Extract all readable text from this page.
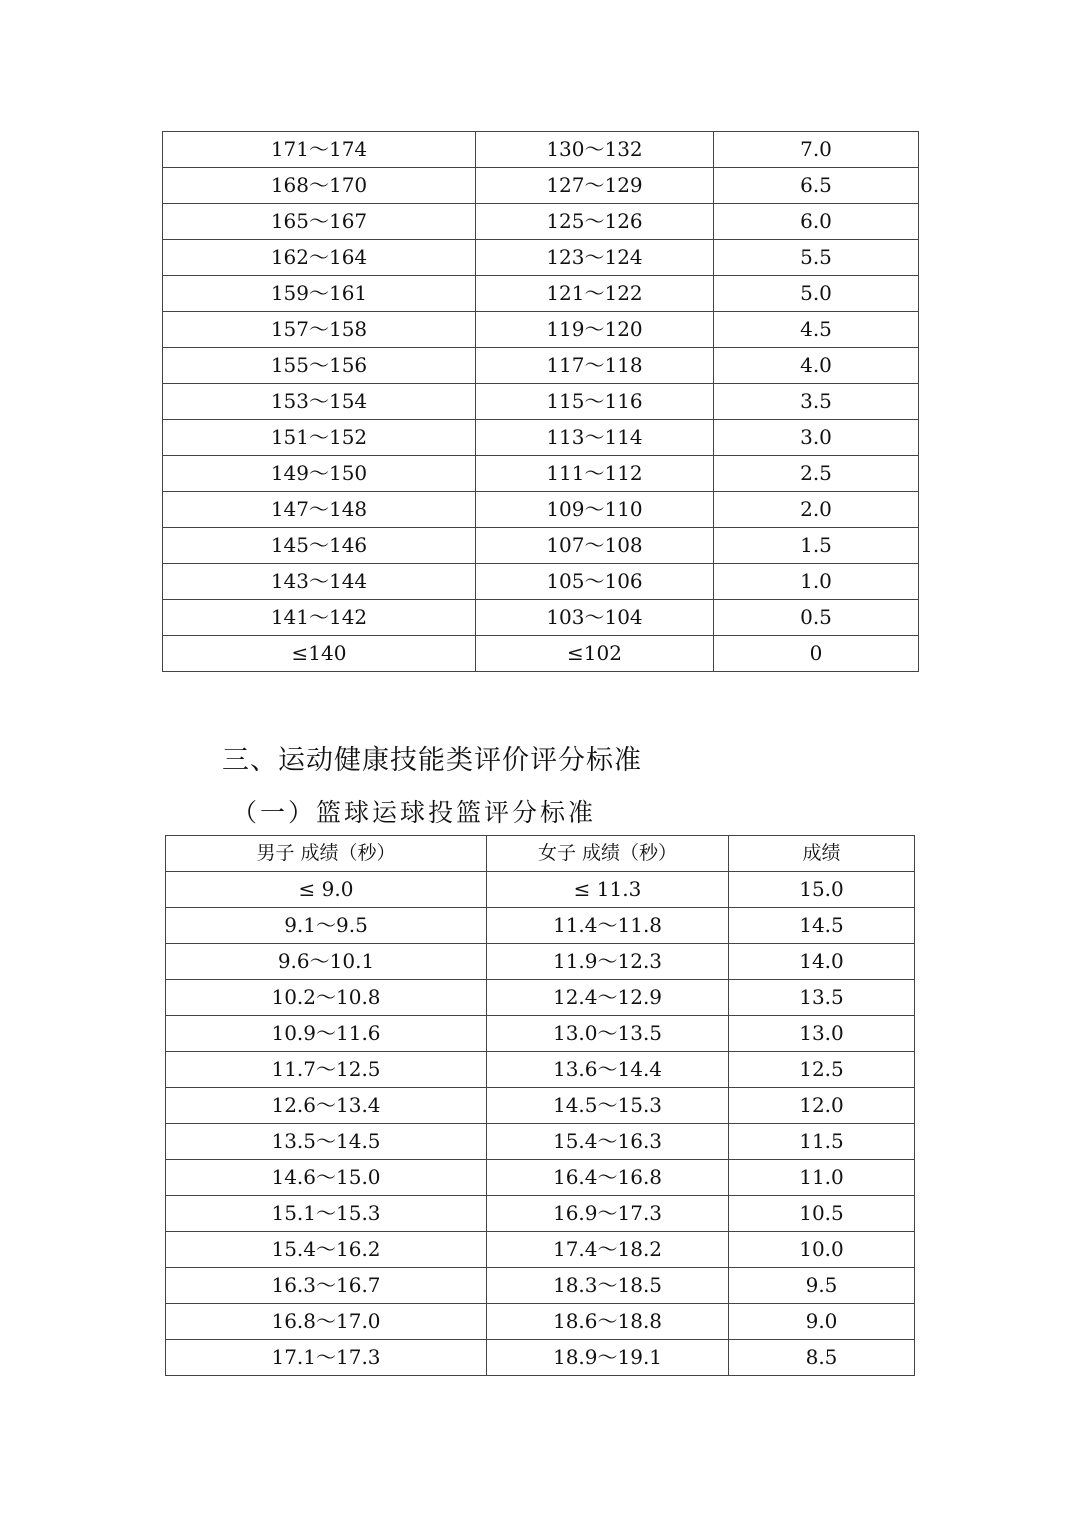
171～174	130～132	7.0
168～170	127～129	6.5
165～167	125～126	6.0
162～164	123～124	5.5
159～161	121～122	5.0
157～158	119～120	4.5
155～156	117～118	4.0
153～154	115～116	3.5
151～152	113～114	3.0
149～150	111～112	2.5
147～148	109～110	2.0
145～146	107～108	1.5
143～144	105～106	1.0
141～142	103～104	0.5
≤140	≤102	0
三、运动健康技能类评价评分标准
（一）篮球运球投篮评分标准
男子 成绩（秒）	女子 成绩（秒）	成绩
≤ 9.0	≤ 11.3	15.0
9.1～9.5	11.4～11.8	14.5
9.6～10.1	11.9～12.3	14.0
10.2～10.8	12.4～12.9	13.5
10.9～11.6	13.0～13.5	13.0
11.7～12.5	13.6～14.4	12.5
12.6～13.4	14.5～15.3	12.0
13.5～14.5	15.4～16.3	11.5
14.6～15.0	16.4～16.8	11.0
15.1～15.3	16.9～17.3	10.5
15.4～16.2	17.4～18.2	10.0
16.3～16.7	18.3～18.5	9.5
16.8～17.0	18.6～18.8	9.0
17.1～17.3	18.9～19.1	8.5
